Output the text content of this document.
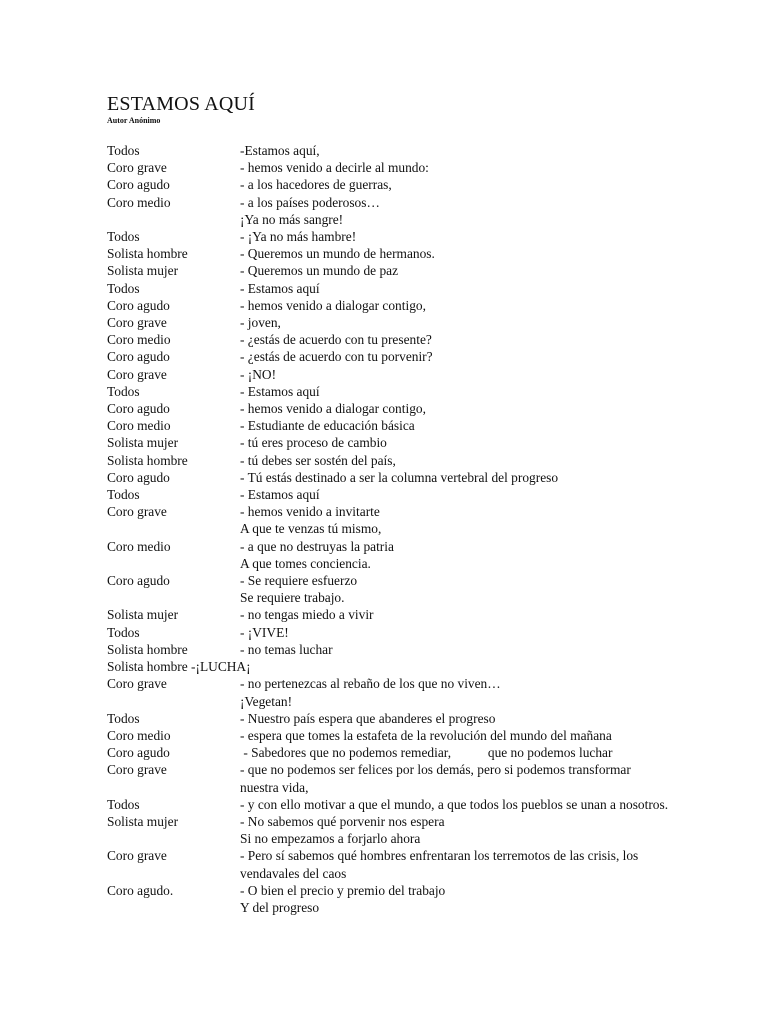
ESTAMOS AQUÍ
Autor Anónimo
Todos	-Estamos aquí,
Coro grave	- hemos venido a decirle al mundo:
Coro agudo	- a los hacedores de guerras,
Coro medio	- a los países poderosos…
¡Ya no más sangre!
Todos	- ¡Ya no más hambre!
Solista hombre	- Queremos un mundo de hermanos.
Solista mujer	- Queremos un mundo de paz
Todos	- Estamos aquí
Coro agudo	- hemos venido a dialogar contigo,
Coro grave	- joven,
Coro medio	- ¿estás de acuerdo con tu presente?
Coro agudo	- ¿estás de acuerdo con tu porvenir?
Coro grave	- ¡NO!
Todos	- Estamos aquí
Coro agudo	- hemos venido a dialogar contigo,
Coro medio	- Estudiante de educación básica
Solista mujer	- tú eres proceso de cambio
Solista hombre	- tú debes ser sostén del país,
Coro agudo	- Tú estás destinado a ser la columna vertebral del progreso
Todos	- Estamos aquí
Coro grave	- hemos venido a invitarte
A que te venzas tú mismo,
Coro medio	- a que no destruyas la patria
A que tomes conciencia.
Coro agudo	- Se requiere esfuerzo
Se requiere trabajo.
Solista mujer	- no tengas miedo a vivir
Todos	- ¡VIVE!
Solista hombre	- no temas luchar
Solista hombre -¡LUCHA¡
Coro grave	- no pertenezcas al rebaño de los que no viven…
¡Vegetan!
Todos	- Nuestro país espera que abanderes el progreso
Coro medio	- espera que tomes la estafeta de la revolución del mundo del mañana
Coro agudo	- Sabedores que no podemos remediar,           que no podemos luchar
Coro grave	- que no podemos ser felices por los demás, pero si podemos transformar nuestra vida,
Todos	- y con ello motivar a que el mundo, a que todos los pueblos se unan a nosotros.
Solista mujer	- No sabemos qué porvenir nos espera
Si no empezamos a forjarlo ahora
Coro grave	- Pero sí sabemos qué hombres enfrentaran los terremotos de las crisis, los vendavales del caos
Coro agudo.	- O bien el precio y premio del trabajo
Y del progreso
